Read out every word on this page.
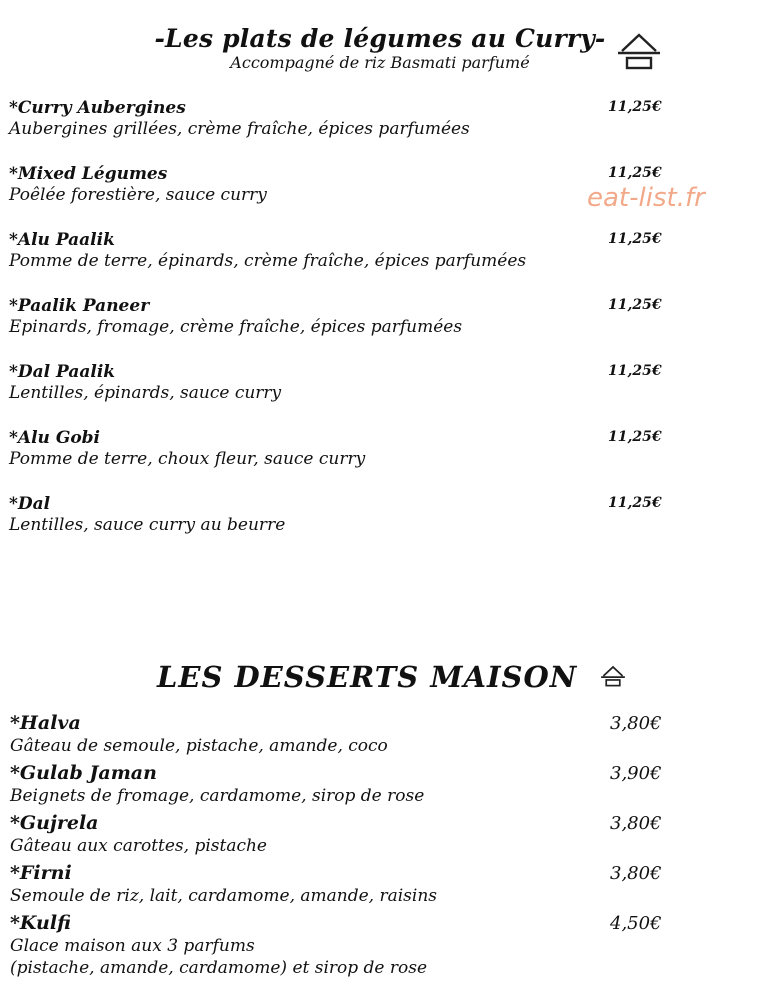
-Les plats de légumes au Curry-
Accompagné de riz Basmati parfumé
eat-list.fr
*Curry Aubergines
Aubergines grillées, crème fraîche, épices parfumées
11,25€
*Mixed Légumes
Poêlée forestière, sauce curry
11,25€
*Alu Paalik
Pomme de terre, épinards, crème fraîche, épices parfumées
11,25€
*Paalik Paneer
Epinards, fromage, crème fraîche, épices parfumées
11,25€
*Dal Paalik
Lentilles, épinards, sauce curry
11,25€
*Alu Gobi
Pomme de terre, choux fleur, sauce curry
11,25€
*Dal
Lentilles, sauce curry au beurre
11,25€
LES DESSERTS MAISON
*Halva
Gâteau de semoule, pistache, amande, coco
3,80€
*Gulab Jaman
Beignets de fromage, cardamome, sirop de rose
3,90€
*Gujrela
Gâteau aux carottes, pistache
3,80€
*Firni
Semoule de riz, lait, cardamome, amande, raisins
3,80€
*Kulfi
Glace maison aux 3 parfums
(pistache, amande, cardamome) et sirop de rose
4,50€
